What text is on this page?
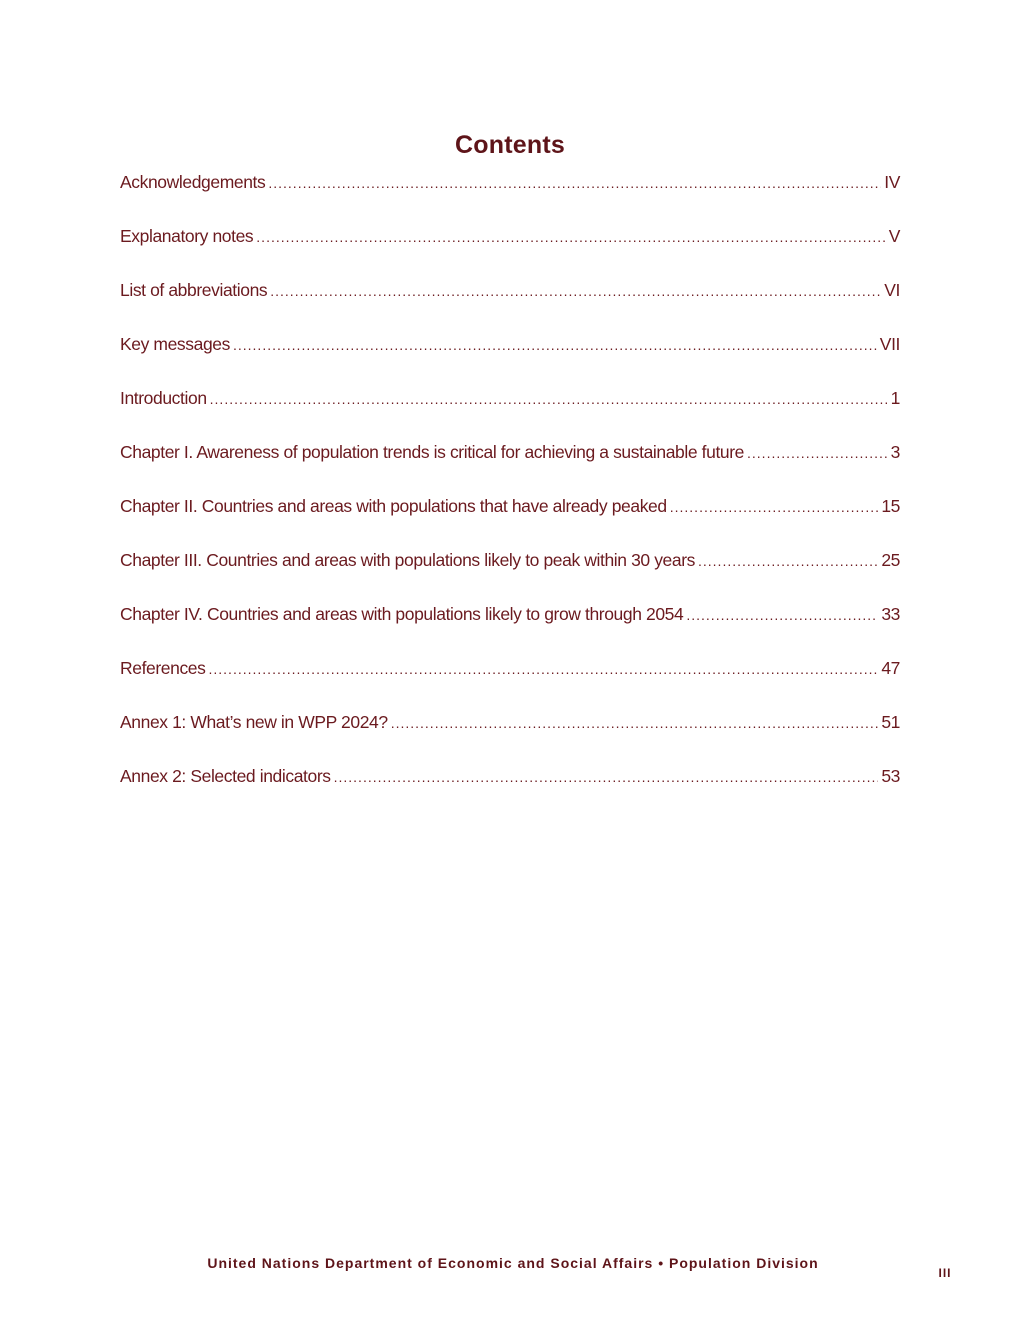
Contents
Acknowledgements .....	IV
Explanatory notes .....	V
List of abbreviations .....	VI
Key messages .....	VII
Introduction .....	1
Chapter I. Awareness of population trends is critical for achieving a sustainable future .....	3
Chapter II. Countries and areas with populations that have already peaked .....	15
Chapter III. Countries and areas with populations likely to peak within 30 years .....	25
Chapter IV. Countries and areas with populations likely to grow through 2054 .....	33
References .....	47
Annex 1: What’s new in WPP 2024? .....	51
Annex 2: Selected indicators .....	53
United Nations Department of Economic and Social Affairs • Population Division
III
